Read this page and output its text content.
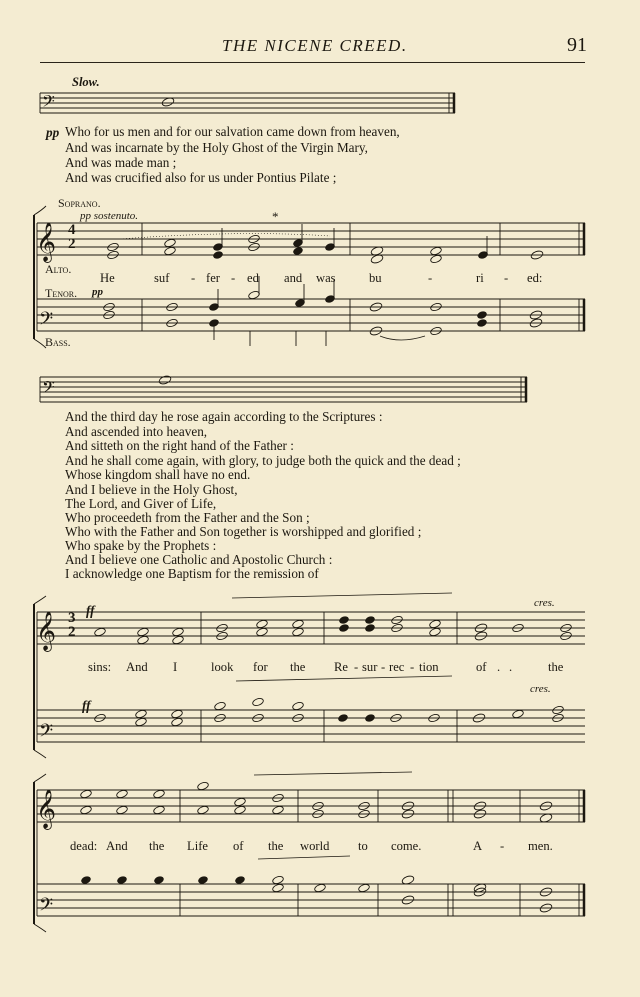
THE NICENE CREED.	91
𝄢
𝄞
𝄢
𝄢
𝄞
𝄢
𝄞
𝄢
Slow.
pp Who for us men and for our salvation came down from heaven,
And was incarnate by the Holy Ghost of the Virgin Mary,
And was made man ;
And was crucified also for us under Pontius Pilate ;
Soprano.
pp sostenuto.	*
Alto.
Tenor. pp
Bass.
4
2
He	suf - fer - ed and was	bu	-	ri - ed:
And the third day he rose again according to the Scriptures :
And ascended into heaven,
And sitteth on the right hand of the Father :
And he shall come again, with glory, to judge both the quick and the dead ;
Whose kingdom shall have no end.
And I believe in the Holy Ghost,
The Lord, and Giver of Life,
Who proceedeth from the Father and the Son ;
Who with the Father and Son together is worshipped and glorified ;
Who spake by the Prophets :
And I believe one Catholic and Apostolic Church :
I acknowledge one Baptism for the remission of
3
2
ff
ff
cres.
cres.
sins: And I	look for the Re - sur - rec - tion	of . .	the
dead: And the Life of the world to come.	A - men.
